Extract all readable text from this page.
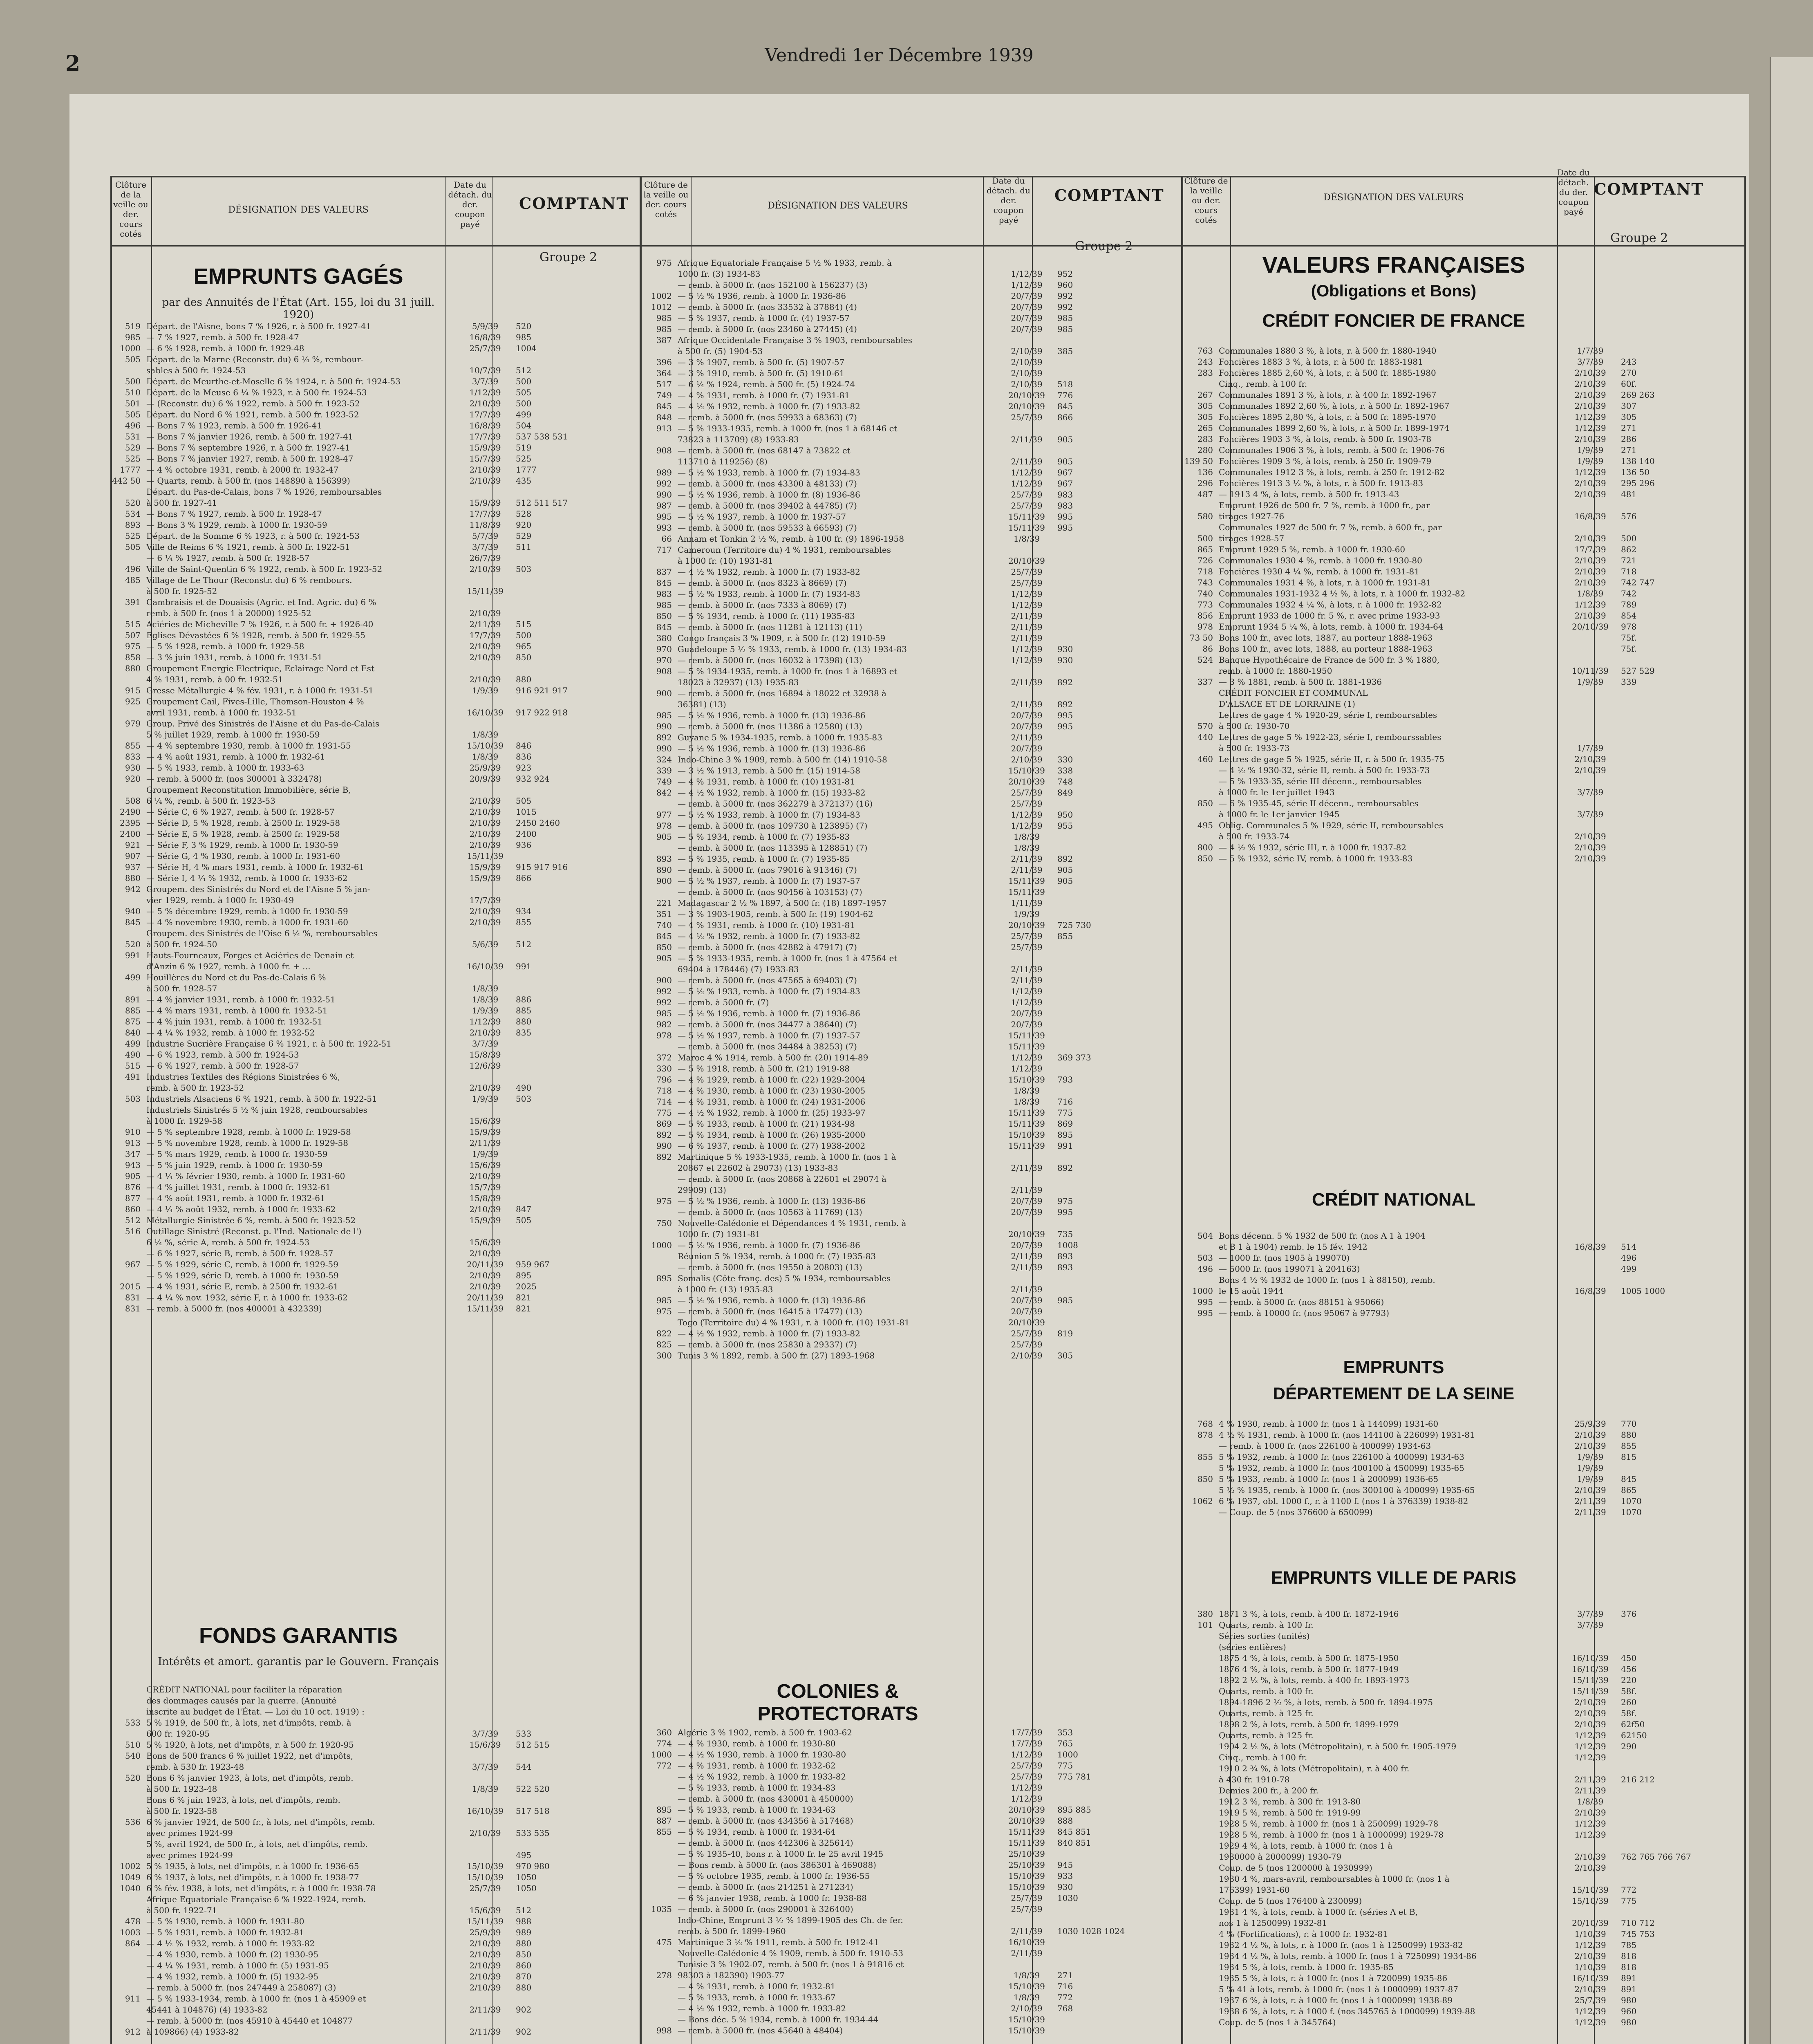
2	Vendredi 1er Décembre 1939
Clôture de la veille ou der. cours cotés
DÉSIGNATION DES VALEURS
Date du détach. du der. coupon payé
COMPTANT
Clôture de la veille ou der. cours cotés
DÉSIGNATION DES VALEURS
Date du détach. du der. coupon payé
COMPTANT
Clôture de la veille ou der. cours cotés
DÉSIGNATION DES VALEURS
Date du détach. du der. coupon payé
COMPTANT
Groupe 2
Groupe 2
Groupe 2
EMPRUNTS GAGÉS
par des Annuités de l'État (Art. 155, loi du 31 juill. 1920)
519 Départ. de l'Aisne, bons 7 % 1926, r. à 500 fr. 1927-41	5/9/39	520
985 — 7 % 1927, remb. à 500 fr. 1928-47	16/8/39	985
1000 — 6 % 1928, remb. à 1000 fr. 1929-48	25/7/39	1004
505 Départ. de la Marne (Reconstr. du) 6 ¼ %, rembour-
sables à 500 fr. 1924-53	10/7/39	512
500 Départ. de Meurthe-et-Moselle 6 % 1924, r. à 500 fr. 1924-53	3/7/39	500
510 Départ. de la Meuse 6 ¼ % 1923, r. à 500 fr. 1924-53	1/12/39	505
501 — (Reconstr. du) 6 % 1922, remb. à 500 fr. 1923-52	2/10/39	500
505 Départ. du Nord 6 % 1921, remb. à 500 fr. 1923-52	17/7/39	499
496 — Bons 7 % 1923, remb. à 500 fr. 1926-41	16/8/39	504
531 — Bons 7 % janvier 1926, remb. à 500 fr. 1927-41	17/7/39	537 538 531
529 — Bons 7 % septembre 1926, r. à 500 fr. 1927-41	15/9/39	519
525 — Bons 7 % janvier 1927, remb. à 500 fr. 1928-47	15/7/39	525
1777 — 4 % octobre 1931, remb. à 2000 fr. 1932-47	2/10/39	1777
442 50 — Quarts, remb. à 500 fr. (nos 148890 à 156399)	2/10/39	435
Départ. du Pas-de-Calais, bons 7 % 1926, remboursables
520 à 500 fr. 1927-41	15/9/39	512 511 517
534 — Bons 7 % 1927, remb. à 500 fr. 1928-47	17/7/39	528
893 — Bons 3 % 1929, remb. à 1000 fr. 1930-59	11/8/39	920
525 Départ. de la Somme 6 % 1923, r. à 500 fr. 1924-53	5/7/39	529
505 Ville de Reims 6 % 1921, remb. à 500 fr. 1922-51	3/7/39	511
— 6 ¼ % 1927, remb. à 500 fr. 1928-57	26/7/39
496 Ville de Saint-Quentin 6 % 1922, remb. à 500 fr. 1923-52	2/10/39	503
485 Village de Le Thour (Reconstr. du) 6 % rembours.
à 500 fr. 1925-52	15/11/39
391 Cambraisis et de Douaisis (Agric. et Ind. Agric. du) 6 %
remb. à 500 fr. (nos 1 à 20000) 1925-52	2/10/39
515 Aciéries de Micheville 7 % 1926, r. à 500 fr. + 1926-40	2/11/39	515
507 Eglises Dévastées 6 % 1928, remb. à 500 fr. 1929-55	17/7/39	500
975 — 5 % 1928, remb. à 1000 fr. 1929-58	2/10/39	965
858 — 3 % juin 1931, remb. à 1000 fr. 1931-51	2/10/39	850
880 Groupement Energie Electrique, Eclairage Nord et Est
4 % 1931, remb. à 00 fr. 1932-51	2/10/39	880
915 Gresse Métallurgie 4 % fév. 1931, r. à 1000 fr. 1931-51	1/9/39	916 921 917
925 Groupement Cail, Fives-Lille, Thomson-Houston 4 %
avril 1931, remb. à 1000 fr. 1932-51	16/10/39	917 922 918
979 Group. Privé des Sinistrés de l'Aisne et du Pas-de-Calais
5 % juillet 1929, remb. à 1000 fr. 1930-59	1/8/39
855 — 4 % septembre 1930, remb. à 1000 fr. 1931-55	15/10/39	846
833 — 4 % août 1931, remb. à 1000 fr. 1932-61	1/8/39	836
930 — 5 % 1933, remb. à 1000 fr. 1933-63	25/9/39	923
920 — remb. à 5000 fr. (nos 300001 à 332478)	20/9/39	932 924
Groupement Reconstitution Immobilière, série B,
508 6 ¼ %, remb. à 500 fr. 1923-53	2/10/39	505
2490 — Série C, 6 % 1927, remb. à 500 fr. 1928-57	2/10/39	1015
2395 — Série D, 5 % 1928, remb. à 2500 fr. 1929-58	2/10/39	2450 2460
2400 — Série E, 5 % 1928, remb. à 2500 fr. 1929-58	2/10/39	2400
921 — Série F, 3 % 1929, remb. à 1000 fr. 1930-59	2/10/39	936
907 — Série G, 4 % 1930, remb. à 1000 fr. 1931-60	15/11/39
937 — Série H, 4 % mars 1931, remb. à 1000 fr. 1932-61	15/9/39	915 917 916
880 — Série I, 4 ¼ % 1932, remb. à 1000 fr. 1933-62	15/9/39	866
942 Groupem. des Sinistrés du Nord et de l'Aisne 5 % jan-
vier 1929, remb. à 1000 fr. 1930-49	17/7/39
940 — 5 % décembre 1929, remb. à 1000 fr. 1930-59	2/10/39	934
845 — 4 % novembre 1930, remb. à 1000 fr. 1931-60	2/10/39	855
Groupem. des Sinistrés de l'Oise 6 ¼ %, remboursables
520 à 500 fr. 1924-50	5/6/39	512
991 Hauts-Fourneaux, Forges et Aciéries de Denain et
d'Anzin 6 % 1927, remb. à 1000 fr. + …	16/10/39	991
499 Houillères du Nord et du Pas-de-Calais 6 %
à 500 fr. 1928-57	1/8/39
891 — 4 % janvier 1931, remb. à 1000 fr. 1932-51	1/8/39	886
885 — 4 % mars 1931, remb. à 1000 fr. 1932-51	1/9/39	885
875 — 4 % juin 1931, remb. à 1000 fr. 1932-51	1/12/39	880
840 — 4 ¼ % 1932, remb. à 1000 fr. 1932-52	2/10/39	835
499 Industrie Sucrière Française 6 % 1921, r. à 500 fr. 1922-51	3/7/39
490 — 6 % 1923, remb. à 500 fr. 1924-53	15/8/39
515 — 6 % 1927, remb. à 500 fr. 1928-57	12/6/39
491 Industries Textiles des Régions Sinistrées 6 %,
remb. à 500 fr. 1923-52	2/10/39	490
503 Industriels Alsaciens 6 % 1921, remb. à 500 fr. 1922-51	1/9/39	503
Industriels Sinistrés 5 ½ % juin 1928, remboursables
à 1000 fr. 1929-58	15/6/39
910 — 5 % septembre 1928, remb. à 1000 fr. 1929-58	15/9/39
913 — 5 % novembre 1928, remb. à 1000 fr. 1929-58	2/11/39
347 — 5 % mars 1929, remb. à 1000 fr. 1930-59	1/9/39
943 — 5 % juin 1929, remb. à 1000 fr. 1930-59	15/6/39
905 — 4 ¼ % février 1930, remb. à 1000 fr. 1931-60	2/10/39
876 — 4 % juillet 1931, remb. à 1000 fr. 1932-61	15/7/39
877 — 4 % août 1931, remb. à 1000 fr. 1932-61	15/8/39
860 — 4 ¼ % août 1932, remb. à 1000 fr. 1933-62	2/10/39	847
512 Métallurgie Sinistrée 6 %, remb. à 500 fr. 1923-52	15/9/39	505
516 Outillage Sinistré (Reconst. p. l'Ind. Nationale de l')
6 ¼ %, série A, remb. à 500 fr. 1924-53	15/6/39
— 6 % 1927, série B, remb. à 500 fr. 1928-57	2/10/39
967 — 5 % 1929, série C, remb. à 1000 fr. 1929-59	20/11/39	959 967
— 5 % 1929, série D, remb. à 1000 fr. 1930-59	2/10/39	895
2015 — 4 % 1931, série E, remb. à 2500 fr. 1932-61	2/10/39	2025
831 — 4 ¼ % nov. 1932, série F, r. à 1000 fr. 1933-62	20/11/39	821
831 — remb. à 5000 fr. (nos 400001 à 432339)	15/11/39	821
FONDS GARANTIS
Intérêts et amort. garantis par le Gouvern. Français
CRÉDIT NATIONAL pour faciliter la réparation
des dommages causés par la guerre. (Annuité
inscrite au budget de l'État. — Loi du 10 oct. 1919) :
533 5 % 1919, de 500 fr., à lots, net d'impôts, remb. à
600 fr. 1920-95	3/7/39	533
510 5 % 1920, à lots, net d'impôts, r. à 500 fr. 1920-95	15/6/39	512 515
540 Bons de 500 francs 6 % juillet 1922, net d'impôts,
remb. à 530 fr. 1923-48	3/7/39	544
520 Bons 6 % janvier 1923, à lots, net d'impôts, remb.
à 500 fr. 1923-48	1/8/39	522 520
Bons 6 % juin 1923, à lots, net d'impôts, remb.
à 500 fr. 1923-58	16/10/39	517 518
536 6 % janvier 1924, de 500 fr., à lots, net d'impôts, remb.
avec primes 1924-99	2/10/39	533 535
5 %, avril 1924, de 500 fr., à lots, net d'impôts, remb.
avec primes 1924-99	495
1002 5 % 1935, à lots, net d'impôts, r. à 1000 fr. 1936-65	15/10/39	970 980
1049 6 % 1937, à lots, net d'impôts, r. à 1000 fr. 1938-77	15/10/39	1050
1040 6 % fév. 1938, à lots, net d'impôts, r. à 1000 fr. 1938-78	25/7/39	1050
Afrique Equatoriale Française 6 % 1922-1924, remb.
à 500 fr. 1922-71	15/6/39	512
478 — 5 % 1930, remb. à 1000 fr. 1931-80	15/11/39	988
1003 — 5 % 1931, remb. à 1000 fr. 1932-81	25/9/39	989
864 — 4 ½ % 1932, remb. à 1000 fr. 1933-82	2/10/39	880
— 4 % 1930, remb. à 1000 fr. (2) 1930-95	2/10/39	850
— 4 ¼ % 1931, remb. à 1000 fr. (5) 1931-95	2/10/39	860
— 4 % 1932, remb. à 1000 fr. (5) 1932-95	2/10/39	870
— remb. à 5000 fr. (nos 247449 à 258087) (3)	2/10/39	880
911 — 5 % 1933-1934, remb. à 1000 fr. (nos 1 à 45909 et
45441 à 104876) (4) 1933-82	2/11/39	902
— remb. à 5000 fr. (nos 45910 à 45440 et 104877
912 à 109866) (4) 1933-82	2/11/39	902
975 Afrique Equatoriale Française 5 ½ % 1933, remb. à
1000 fr. (3) 1934-83	1/12/39	952
— remb. à 5000 fr. (nos 152100 à 156237) (3)	1/12/39	960
1002 — 5 ½ % 1936, remb. à 1000 fr. 1936-86	20/7/39	992
1012 — remb. à 5000 fr. (nos 33532 à 37884) (4)	20/7/39	992
985 — 5 % 1937, remb. à 1000 fr. (4) 1937-57	20/7/39	985
985 — remb. à 5000 fr. (nos 23460 à 27445) (4)	20/7/39	985
387 Afrique Occidentale Française 3 % 1903, remboursables
à 500 fr. (5) 1904-53	2/10/39	385
396 — 3 % 1907, remb. à 500 fr. (5) 1907-57	2/10/39
364 — 3 % 1910, remb. à 500 fr. (5) 1910-61	2/10/39
517 — 6 ¼ % 1924, remb. à 500 fr. (5) 1924-74	2/10/39	518
749 — 4 % 1931, remb. à 1000 fr. (7) 1931-81	20/10/39	776
845 — 4 ½ % 1932, remb. à 1000 fr. (7) 1933-82	20/10/39	845
848 — remb. à 5000 fr. (nos 59933 à 68363) (7)	25/7/39	866
913 — 5 % 1933-1935, remb. à 1000 fr. (nos 1 à 68146 et
73823 à 113709) (8) 1933-83	2/11/39	905
908 — remb. à 5000 fr. (nos 68147 à 73822 et
113710 à 119256) (8)	2/11/39	905
989 — 5 ½ % 1933, remb. à 1000 fr. (7) 1934-83	1/12/39	967
992 — remb. à 5000 fr. (nos 43300 à 48133) (7)	1/12/39	967
990 — 5 ½ % 1936, remb. à 1000 fr. (8) 1936-86	25/7/39	983
987 — remb. à 5000 fr. (nos 39402 à 44785) (7)	25/7/39	983
995 — 5 ½ % 1937, remb. à 1000 fr. 1937-57	15/11/39	995
993 — remb. à 5000 fr. (nos 59533 à 66593) (7)	15/11/39	995
66 Annam et Tonkin 2 ½ %, remb. à 100 fr. (9) 1896-1958	1/8/39
717 Cameroun (Territoire du) 4 % 1931, remboursables
à 1000 fr. (10) 1931-81	20/10/39
837 — 4 ½ % 1932, remb. à 1000 fr. (7) 1933-82	25/7/39
845 — remb. à 5000 fr. (nos 8323 à 8669) (7)	25/7/39
983 — 5 ½ % 1933, remb. à 1000 fr. (7) 1934-83	1/12/39
985 — remb. à 5000 fr. (nos 7333 à 8069) (7)	1/12/39
850 — 5 % 1934, remb. à 1000 fr. (11) 1935-83	2/11/39
845 — remb. à 5000 fr. (nos 11281 à 12113) (11)	2/11/39
380 Congo français 3 % 1909, r. à 500 fr. (12) 1910-59	2/11/39
970 Guadeloupe 5 ½ % 1933, remb. à 1000 fr. (13) 1934-83	1/12/39	930
970 — remb. à 5000 fr. (nos 16032 à 17398) (13)	1/12/39	930
908 — 5 % 1934-1935, remb. à 1000 fr. (nos 1 à 16893 et
18023 à 32937) (13) 1935-83	2/11/39	892
900 — remb. à 5000 fr. (nos 16894 à 18022 et 32938 à
36381) (13)	2/11/39	892
985 — 5 ½ % 1936, remb. à 1000 fr. (13) 1936-86	20/7/39	995
990 — remb. à 5000 fr. (nos 11386 à 12580) (13)	20/7/39	995
892 Guyane 5 % 1934-1935, remb. à 1000 fr. 1935-83	2/11/39
990 — 5 ½ % 1936, remb. à 1000 fr. (13) 1936-86	20/7/39
324 Indo-Chine 3 % 1909, remb. à 500 fr. (14) 1910-58	2/10/39	330
339 — 3 ½ % 1913, remb. à 500 fr. (15) 1914-58	15/10/39	338
749 — 4 % 1931, remb. à 1000 fr. (10) 1931-81	20/10/39	748
842 — 4 ½ % 1932, remb. à 1000 fr. (15) 1933-82	25/7/39	849
— remb. à 5000 fr. (nos 362279 à 372137) (16)	25/7/39
977 — 5 ½ % 1933, remb. à 1000 fr. (7) 1934-83	1/12/39	950
978 — remb. à 5000 fr. (nos 109730 à 123895) (7)	1/12/39	955
905 — 5 % 1934, remb. à 1000 fr. (7) 1935-83	1/8/39
— remb. à 5000 fr. (nos 113395 à 128851) (7)	1/8/39
893 — 5 % 1935, remb. à 1000 fr. (7) 1935-85	2/11/39	892
890 — remb. à 5000 fr. (nos 79016 à 91346) (7)	2/11/39	905
900 — 5 ½ % 1937, remb. à 1000 fr. (7) 1937-57	15/11/39	905
— remb. à 5000 fr. (nos 90456 à 103153) (7)	15/11/39
221 Madagascar 2 ½ % 1897, à 500 fr. (18) 1897-1957	1/11/39
351 — 3 % 1903-1905, remb. à 500 fr. (19) 1904-62	1/9/39
740 — 4 % 1931, remb. à 1000 fr. (10) 1931-81	20/10/39	725 730
845 — 4 ½ % 1932, remb. à 1000 fr. (7) 1933-82	25/7/39	855
850 — remb. à 5000 fr. (nos 42882 à 47917) (7)	25/7/39
905 — 5 % 1933-1935, remb. à 1000 fr. (nos 1 à 47564 et
69404 à 178446) (7) 1933-83	2/11/39
900 — remb. à 5000 fr. (nos 47565 à 69403) (7)	2/11/39
992 — 5 ½ % 1933, remb. à 1000 fr. (7) 1934-83	1/12/39
992 — remb. à 5000 fr. (7)	1/12/39
985 — 5 ½ % 1936, remb. à 1000 fr. (7) 1936-86	20/7/39
982 — remb. à 5000 fr. (nos 34477 à 38640) (7)	20/7/39
978 — 5 ½ % 1937, remb. à 1000 fr. (7) 1937-57	15/11/39
— remb. à 5000 fr. (nos 34484 à 38253) (7)	15/11/39
372 Maroc 4 % 1914, remb. à 500 fr. (20) 1914-89	1/12/39	369 373
330 — 5 % 1918, remb. à 500 fr. (21) 1919-88	1/12/39
796 — 4 % 1929, remb. à 1000 fr. (22) 1929-2004	15/10/39	793
718 — 4 % 1930, remb. à 1000 fr. (23) 1930-2005	1/8/39
714 — 4 % 1931, remb. à 1000 fr. (24) 1931-2006	1/8/39	716
775 — 4 ½ % 1932, remb. à 1000 fr. (25) 1933-97	15/11/39	775
869 — 5 % 1933, remb. à 1000 fr. (21) 1934-98	15/11/39	869
892 — 5 % 1934, remb. à 1000 fr. (26) 1935-2000	15/10/39	895
990 — 6 % 1937, remb. à 1000 fr. (27) 1938-2002	15/11/39	991
892 Martinique 5 % 1933-1935, remb. à 1000 fr. (nos 1 à
20867 et 22602 à 29073) (13) 1933-83	2/11/39	892
— remb. à 5000 fr. (nos 20868 à 22601 et 29074 à
29909) (13)	2/11/39
975 — 5 ½ % 1936, remb. à 1000 fr. (13) 1936-86	20/7/39	975
— remb. à 5000 fr. (nos 10563 à 11769) (13)	20/7/39	995
750 Nouvelle-Calédonie et Dépendances 4 % 1931, remb. à
1000 fr. (7) 1931-81	20/10/39	735
1000 — 5 ½ % 1936, remb. à 1000 fr. (7) 1936-86	20/7/39	1008
Réunion 5 % 1934, remb. à 1000 fr. (7) 1935-83	2/11/39	893
— remb. à 5000 fr. (nos 19550 à 20803) (13)	2/11/39	893
895 Somalis (Côte franç. des) 5 % 1934, remboursables
à 1000 fr. (13) 1935-83	2/11/39
985 — 5 ½ % 1936, remb. à 1000 fr. (13) 1936-86	20/7/39	985
975 — remb. à 5000 fr. (nos 16415 à 17477) (13)	20/7/39
Togo (Territoire du) 4 % 1931, r. à 1000 fr. (10) 1931-81	20/10/39
822 — 4 ½ % 1932, remb. à 1000 fr. (7) 1933-82	25/7/39	819
825 — remb. à 5000 fr. (nos 25830 à 29337) (7)	25/7/39
300 Tunis 3 % 1892, remb. à 500 fr. (27) 1893-1968	2/10/39	305
COLONIES & PROTECTORATS
360 Algérie 3 % 1902, remb. à 500 fr. 1903-62	17/7/39	353
774 — 4 % 1930, remb. à 1000 fr. 1930-80	17/7/39	765
1000 — 4 ½ % 1930, remb. à 1000 fr. 1930-80	1/12/39	1000
772 — 4 % 1931, remb. à 1000 fr. 1932-62	25/7/39	775
— 4 ½ % 1932, remb. à 1000 fr. 1933-82	25/7/39	775 781
— 5 % 1933, remb. à 1000 fr. 1934-83	1/12/39
— remb. à 5000 fr. (nos 430001 à 450000)	1/12/39
895 — 5 % 1933, remb. à 1000 fr. 1934-63	20/10/39	895 885
887 — remb. à 5000 fr. (nos 434356 à 517468)	20/10/39	888
855 — 5 % 1934, remb. à 1000 fr. 1934-64	15/11/39	845 851
— remb. à 5000 fr. (nos 442306 à 325614)	15/11/39	840 851
— 5 % 1935-40, bons r. à 1000 fr. le 25 avril 1945	25/10/39
— Bons remb. à 5000 fr. (nos 386301 à 469088)	25/10/39	945
— 5 % octobre 1935, remb. à 1000 fr. 1936-55	15/10/39	933
— remb. à 5000 fr. (nos 214251 à 271234)	15/10/39	930
— 6 % janvier 1938, remb. à 1000 fr. 1938-88	25/7/39	1030
1035 — remb. à 5000 fr. (nos 290001 à 326400)	25/7/39
Indo-Chine, Emprunt 3 ½ % 1899-1905 des Ch. de fer.
remb. à 500 fr. 1899-1960	2/11/39	1030 1028 1024
475 Martinique 3 ½ % 1911, remb. à 500 fr. 1912-41	16/10/39
Nouvelle-Calédonie 4 % 1909, remb. à 500 fr. 1910-53	2/11/39
Tunisie 3 % 1902-07, remb. à 500 fr. (nos 1 à 91816 et
278 98303 à 182390) 1903-77	1/8/39	271
— 4 % 1931, remb. à 1000 fr. 1932-81	15/10/39	716
— 5 % 1933, remb. à 1000 fr. 1933-67	1/8/39	772
— 4 ½ % 1932, remb. à 1000 fr. 1933-82	2/10/39	768
— Bons déc. 5 % 1934, remb. à 1000 fr. 1934-44	15/10/39
998 — remb. à 5000 fr. (nos 45640 à 48404)	15/10/39
VALEURS FRANÇAISES
(Obligations et Bons)
CRÉDIT FONCIER DE FRANCE
763 Communales 1880 3 %, à lots, r. à 500 fr. 1880-1940	1/7/39
243 Foncières 1883 3 %, à lots, r. à 500 fr. 1883-1981	3/7/39	243
283 Foncières 1885 2,60 %, à lots, r. à 500 fr. 1885-1980	2/10/39	270
Cinq., remb. à 100 fr.	2/10/39	60f.
267 Communales 1891 3 %, à lots, r. à 400 fr. 1892-1967	2/10/39	269 263
305 Communales 1892 2,60 %, à lots, r. à 500 fr. 1892-1967	2/10/39	307
305 Foncières 1895 2,80 %, à lots, r. à 500 fr. 1895-1970	1/12/39	305
265 Communales 1899 2,60 %, à lots, r. à 500 fr. 1899-1974	1/12/39	271
283 Foncières 1903 3 %, à lots, remb. à 500 fr. 1903-78	2/10/39	286
280 Communales 1906 3 %, à lots, remb. à 500 fr. 1906-76	1/9/39	271
139 50 Foncières 1909 3 %, à lots, remb. à 250 fr. 1909-79	1/9/39	138 140
136 Communales 1912 3 %, à lots, remb. à 250 fr. 1912-82	1/12/39	136 50
296 Foncières 1913 3 ½ %, à lots, r. à 500 fr. 1913-83	2/10/39	295 296
487 — 1913 4 %, à lots, remb. à 500 fr. 1913-43	2/10/39	481
Emprunt 1926 de 500 fr. 7 %, remb. à 1000 fr., par
580 tirages 1927-76	16/8/39	576
Communales 1927 de 500 fr. 7 %, remb. à 600 fr., par
500 tirages 1928-57	2/10/39	500
865 Emprunt 1929 5 %, remb. à 1000 fr. 1930-60	17/7/39	862
726 Communales 1930 4 %, remb. à 1000 fr. 1930-80	2/10/39	721
718 Foncières 1930 4 ¼ %, remb. à 1000 fr. 1931-81	2/10/39	718
743 Communales 1931 4 %, à lots, r. à 1000 fr. 1931-81	2/10/39	742 747
740 Communales 1931-1932 4 ½ %, à lots, r. à 1000 fr. 1932-82	1/8/39	742
773 Communales 1932 4 ¼ %, à lots, r. à 1000 fr. 1932-82	1/12/39	789
856 Emprunt 1933 de 1000 fr. 5 %, r. avec prime 1933-93	2/10/39	854
978 Emprunt 1934 5 ¼ %, à lots, remb. à 1000 fr. 1934-64	20/10/39	978
73 50 Bons 100 fr., avec lots, 1887, au porteur 1888-1963	75f.
86 Bons 100 fr., avec lots, 1888, au porteur 1888-1963	75f.
524 Banque Hypothécaire de France de 500 fr. 3 % 1880,
remb. à 1000 fr. 1880-1950	10/11/39	527 529
337 — 3 % 1881, remb. à 500 fr. 1881-1936	1/9/39	339
CRÉDIT FONCIER ET COMMUNAL
D'ALSACE ET DE LORRAINE (1)
Lettres de gage 4 % 1920-29, série I, remboursables
570 à 500 fr. 1930-70
440 Lettres de gage 5 % 1922-23, série I, rembourssables
à 500 fr. 1933-73	1/7/39
460 Lettres de gage 5 % 1925, série II, r. à 500 fr. 1935-75	2/10/39
— 4 ½ % 1930-32, série II, remb. à 500 fr. 1933-73	2/10/39
— 5 % 1933-35, série III décenn., remboursables
à 1000 fr. le 1er juillet 1943	3/7/39
850 — 6 % 1935-45, série II décenn., remboursables
à 1000 fr. le 1er janvier 1945	3/7/39
495 Oblig. Communales 5 % 1929, série II, remboursables
à 500 fr. 1933-74	2/10/39
800 — 4 ½ % 1932, série III, r. à 1000 fr. 1937-82	2/10/39
850 — 5 % 1932, série IV, remb. à 1000 fr. 1933-83	2/10/39
CRÉDIT NATIONAL
504 Bons décenn. 5 % 1932 de 500 fr. (nos A 1 à 1904
et B 1 à 1904) remb. le 15 fév. 1942	16/8/39	514
503 — 1000 fr. (nos 1905 à 199070)	496
496 — 5000 fr. (nos 199071 à 204163)	499
Bons 4 ½ % 1932 de 1000 fr. (nos 1 à 88150), remb.
1000 le 15 août 1944	16/8/39	1005 1000
995 — remb. à 5000 fr. (nos 88151 à 95066)
995 — remb. à 10000 fr. (nos 95067 à 97793)
EMPRUNTS
DÉPARTEMENT DE LA SEINE
768 4 % 1930, remb. à 1000 fr. (nos 1 à 144099) 1931-60	25/9/39	770
878 4 ½ % 1931, remb. à 1000 fr. (nos 144100 à 226099) 1931-81	2/10/39	880
— remb. à 1000 fr. (nos 226100 à 400099) 1934-63	2/10/39	855
855 5 % 1932, remb. à 1000 fr. (nos 226100 à 400099) 1934-63	1/9/39	815
5 % 1932, remb. à 1000 fr. (nos 400100 à 450099) 1935-65	1/9/39
850 5 % 1933, remb. à 1000 fr. (nos 1 à 200099) 1936-65	1/9/39	845
5 ½ % 1935, remb. à 1000 fr. (nos 300100 à 400099) 1935-65	2/10/39	865
1062 6 % 1937, obl. 1000 f., r. à 1100 f. (nos 1 à 376339) 1938-82	2/11/39	1070
— Coup. de 5 (nos 376600 à 650099)	2/11/39	1070
EMPRUNTS VILLE DE PARIS
380 1871 3 %, à lots, remb. à 400 fr. 1872-1946	3/7/39	376
101 Quarts, remb. à 100 fr.	3/7/39
Séries sorties (unités)
(séries entières)
1875 4 %, à lots, remb. à 500 fr. 1875-1950	16/10/39	450
1876 4 %, à lots, remb. à 500 fr. 1877-1949	16/10/39	456
1892 2 ½ %, à lots, remb. à 400 fr. 1893-1973	15/11/39	220
Quarts, remb. à 100 fr.	15/11/39	58f.
1894-1896 2 ½ %, à lots, remb. à 500 fr. 1894-1975	2/10/39	260
Quarts, remb. à 125 fr.	2/10/39	58f.
1898 2 %, à lots, remb. à 500 fr. 1899-1979	2/10/39	62f50
Quarts, remb. à 125 fr.	1/12/39	62150
1904 2 ½ %, à lots (Métropolitain), r. à 500 fr. 1905-1979	1/12/39	290
Cinq., remb. à 100 fr.	1/12/39
1910 2 ¾ %, à lots (Métropolitain), r. à 400 fr.
à 430 fr. 1910-78	2/11/39	216 212
Demies 200 fr., à 200 fr.	2/11/39
1912 3 %, remb. à 300 fr. 1913-80	1/8/39
1919 5 %, remb. à 500 fr. 1919-99	2/10/39
1928 5 %, remb. à 1000 fr. (nos 1 à 250099) 1929-78	1/12/39
1928 5 %, remb. à 1000 fr. (nos 1 à 1000099) 1929-78	1/12/39
1929 4 %, à lots, remb. à 1000 fr. (nos 1 à
1930000 à 2000099) 1930-79	2/10/39	762 765 766 767
Coup. de 5 (nos 1200000 à 1930999)	2/10/39
1930 4 %, mars-avril, remboursables à 1000 fr. (nos 1 à
176399) 1931-60	15/10/39	772
Coup. de 5 (nos 176400 à 230099)	15/10/39	775
1931 4 %, à lots, remb. à 1000 fr. (séries A et B,
nos 1 à 1250099) 1932-81	20/10/39	710 712
4 % (Fortifications), r. à 1000 fr. 1932-81	1/10/39	745 753
1932 4 ½ %, à lots, r. à 1000 fr. (nos 1 à 1250099) 1933-82	1/12/39	785
1934 4 ½ %, à lots, remb. à 1000 fr. (nos 1 à 725099) 1934-86	2/10/39	818
1934 5 %, à lots, remb. à 1000 fr. 1935-85	1/10/39	818
1935 5 %, à lots, r. à 1000 fr. (nos 1 à 720099) 1935-86	16/10/39	891
5 % 41 à lots, remb. à 1000 fr. (nos 1 à 1000099) 1937-87	2/10/39	891
1937 6 %, à lots, r. à 1000 fr. (nos 1 à 1000099) 1938-89	25/7/39	980
1938 6 %, à lots, r. à 1000 f. (nos 345765 à 1000099) 1939-88	1/12/39	960
Coup. de 5 (nos 1 à 345764)	1/12/39	980
